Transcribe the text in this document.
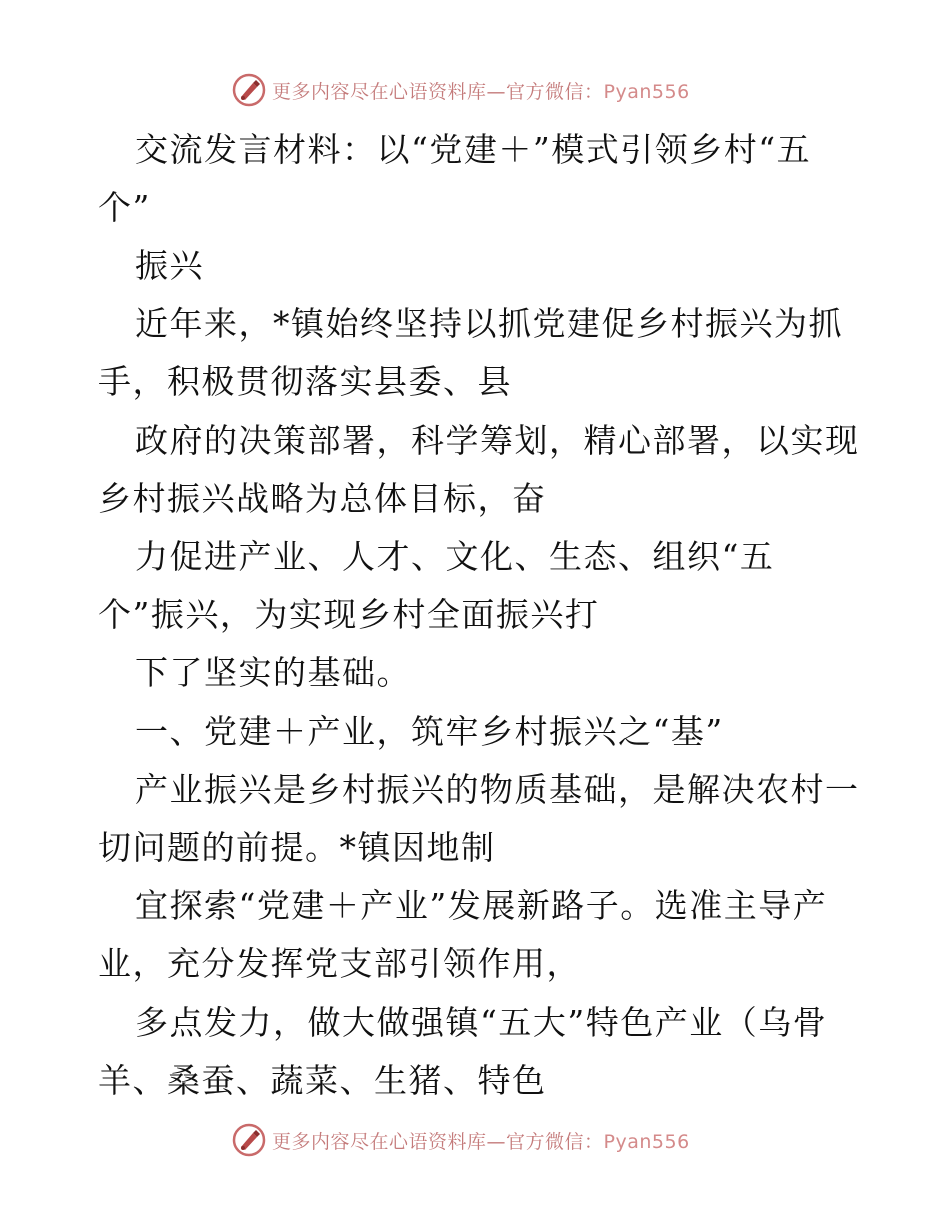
更多内容尽在心语资料库—官方微信：Pyan556
交流发言材料：以“党建＋”模式引领乡村“五
个”
振兴
近年来，*镇始终坚持以抓党建促乡村振兴为抓
手，积极贯彻落实县委、县
政府的决策部署，科学筹划，精心部署，以实现
乡村振兴战略为总体目标，奋
力促进产业、人才、文化、生态、组织“五
个”振兴，为实现乡村全面振兴打
下了坚实的基础。
一、党建＋产业，筑牢乡村振兴之“基”
产业振兴是乡村振兴的物质基础，是解决农村一
切问题的前提。*镇因地制
宜探索“党建＋产业”发展新路子。选准主导产
业，充分发挥党支部引领作用，
多点发力，做大做强镇“五大”特色产业（乌骨
羊、桑蚕、蔬菜、生猪、特色
更多内容尽在心语资料库—官方微信：Pyan556
